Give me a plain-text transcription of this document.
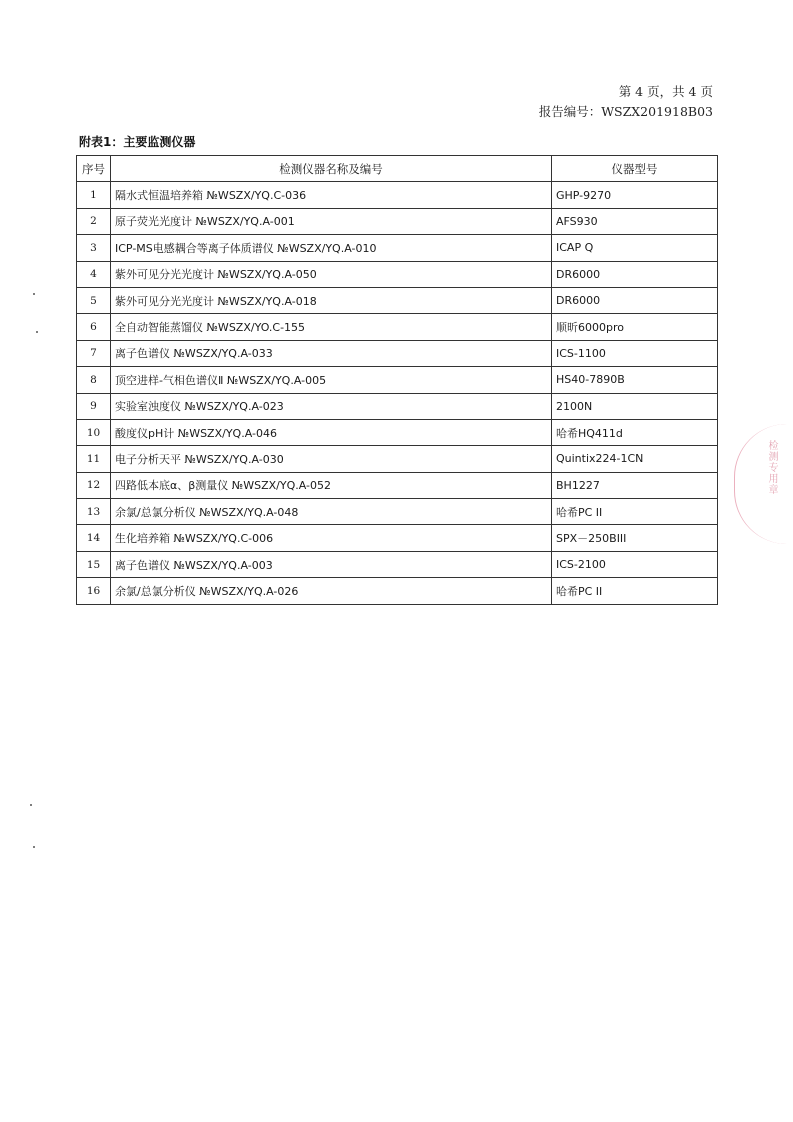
第 4 页，共 4 页
报告编号：WSZX201918B03
附表1：主要监测仪器
序号	检测仪器名称及编号	仪器型号
1	隔水式恒温培养箱 №WSZX/YQ.C-036	GHP-9270
2	原子荧光光度计 №WSZX/YQ.A-001	AFS930
3	ICP-MS电感耦合等离子体质谱仪 №WSZX/YQ.A-010	ICAP Q
4	紫外可见分光光度计 №WSZX/YQ.A-050	DR6000
5	紫外可见分光光度计 №WSZX/YQ.A-018	DR6000
6	全自动智能蒸馏仪 №WSZX/YO.C-155	顺昕6000pro
7	离子色谱仪 №WSZX/YQ.A-033	ICS-1100
8	顶空进样-气相色谱仪Ⅱ №WSZX/YQ.A-005	HS40-7890B
9	实验室浊度仪 №WSZX/YQ.A-023	2100N
10	酸度仪pH计 №WSZX/YQ.A-046	哈希HQ411d
11	电子分析天平 №WSZX/YQ.A-030	Quintix224-1CN
12	四路低本底α、β测量仪 №WSZX/YQ.A-052	BH1227
13	余氯/总氯分析仪 №WSZX/YQ.A-048	哈希PC II
14	生化培养箱 №WSZX/YQ.C-006	SPX－250BIII
15	离子色谱仪 №WSZX/YQ.A-003	ICS-2100
16	余氯/总氯分析仪 №WSZX/YQ.A-026	哈希PC II
检测专用章
